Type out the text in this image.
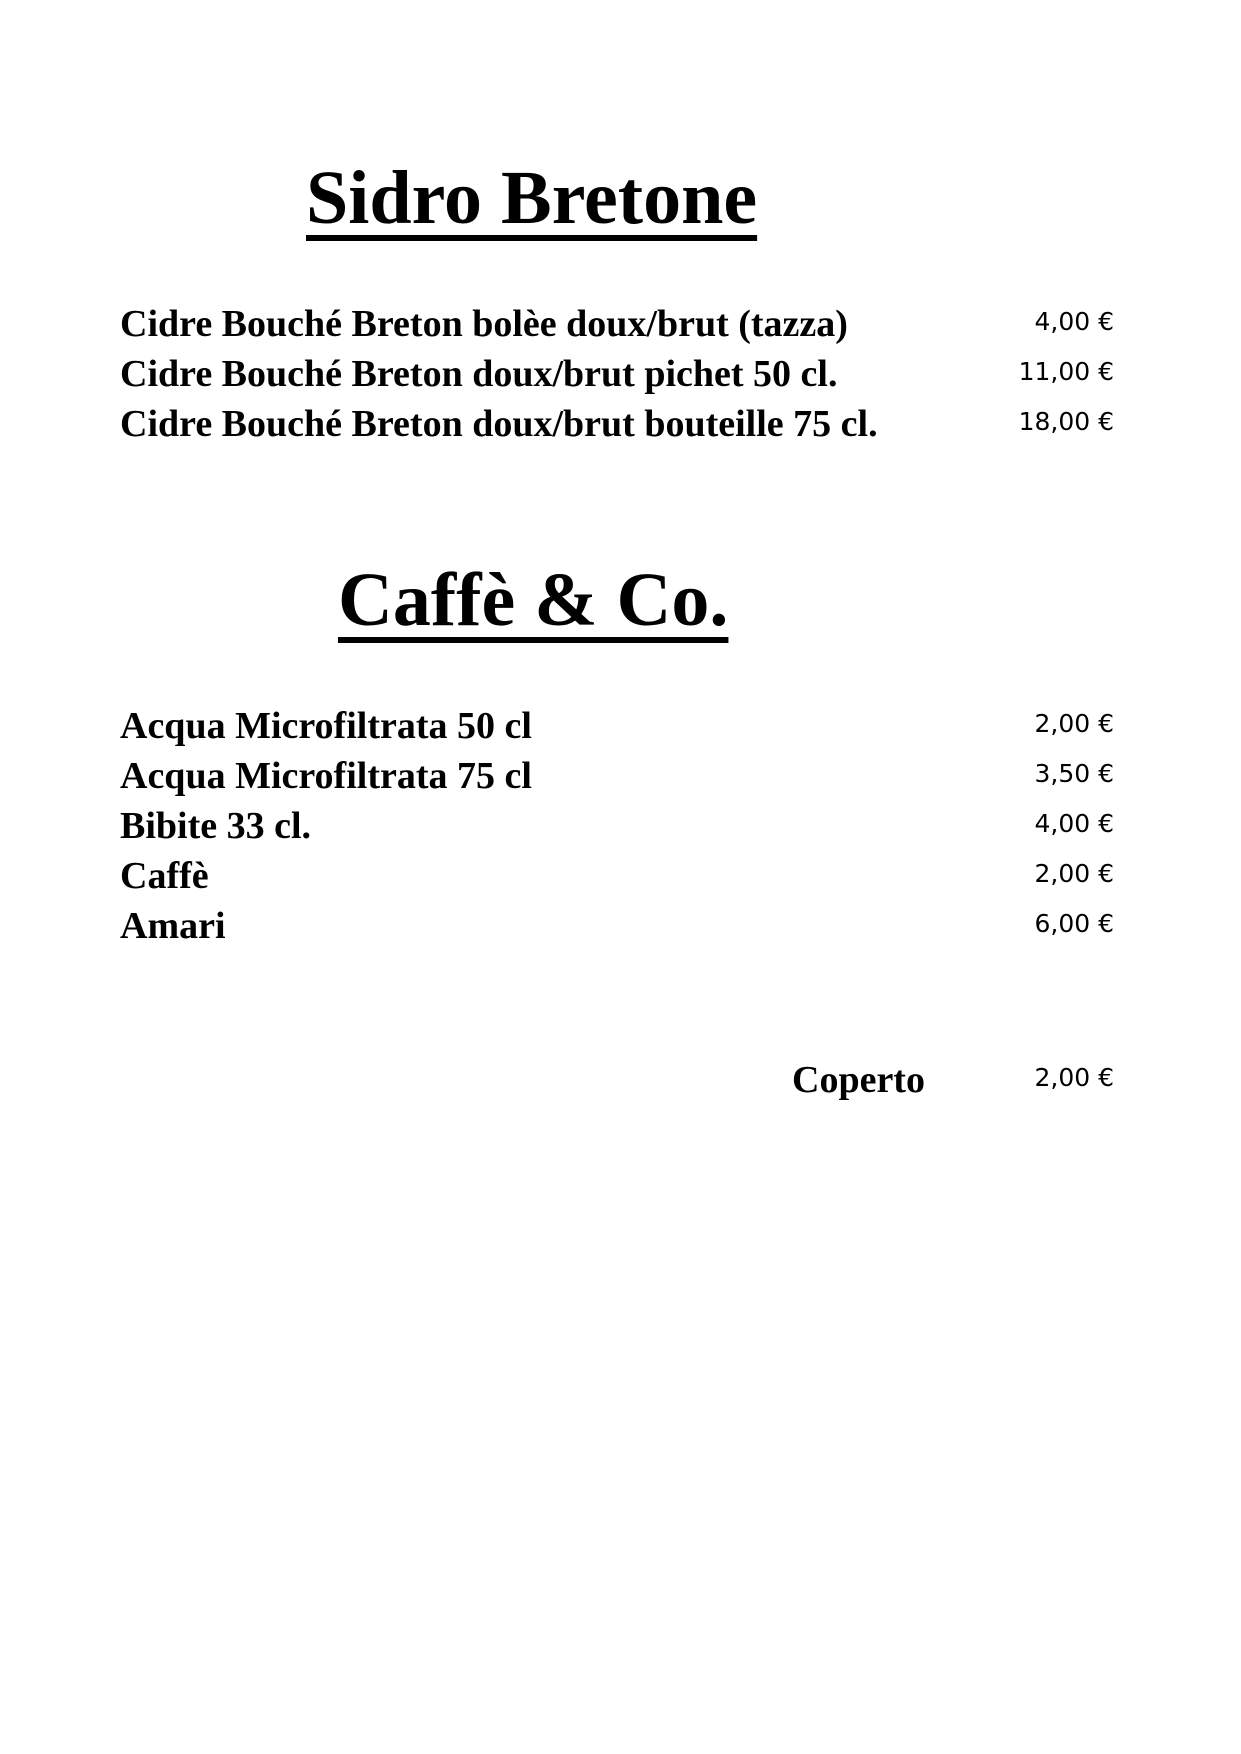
Sidro Bretone
Cidre Bouché Breton bolèe doux/brut (tazza)	4,00 €
Cidre Bouché Breton doux/brut pichet 50 cl.	11,00 €
Cidre Bouché Breton doux/brut bouteille 75 cl.	18,00 €
Caffè & Co.
Acqua Microfiltrata 50 cl	2,00 €
Acqua Microfiltrata 75 cl	3,50 €
Bibite 33 cl.	4,00 €
Caffè	2,00 €
Amari	6,00 €
Coperto	2,00 €
